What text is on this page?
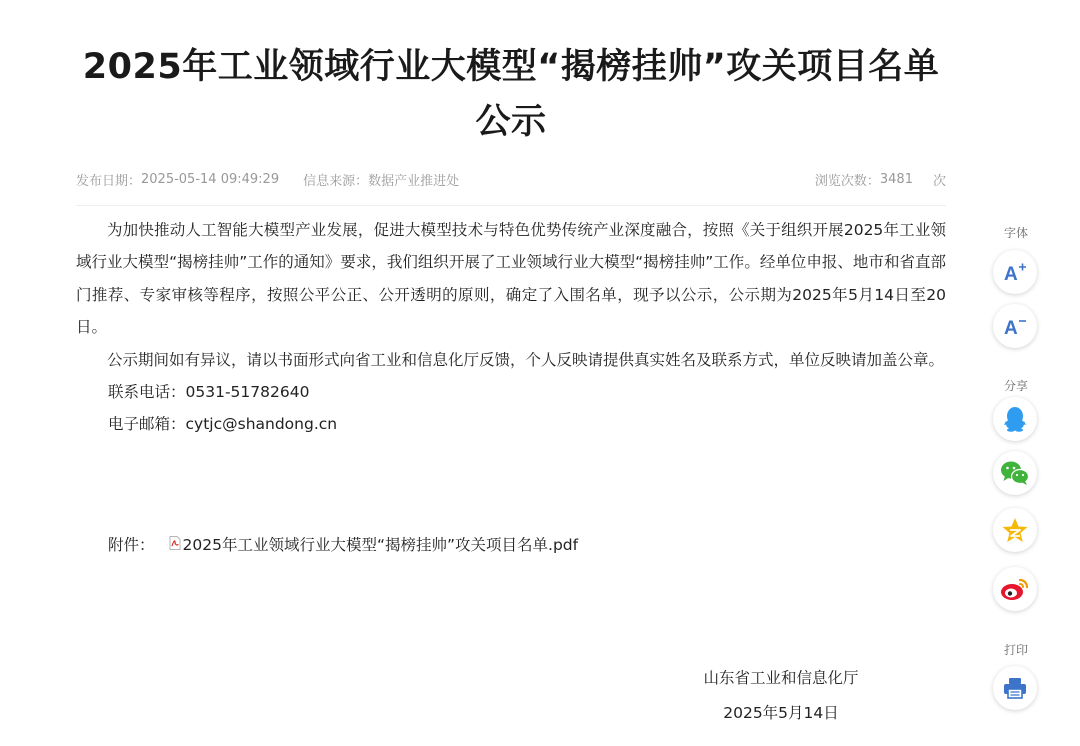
2025年工业领域行业大模型“揭榜挂帅”攻关项目名单公示
发布日期： 2025-05-14 09:49:29 信息来源： 数据产业推进处	浏览次数： 3481 次

为加快推动人工智能大模型产业发展，促进大模型技术与特色优势传统产业深度融合，按照《关于组织开展2025年工业领域行业大模型“揭榜挂帅”工作的通知》要求，我们组织开展了工业领域行业大模型“揭榜挂帅”工作。经单位申报、地市和省直部门推荐、专家审核等程序，按照公平公正、公开透明的原则，确定了入围名单，现予以公示，公示期为2025年5月14日至20日。

公示期间如有异议，请以书面形式向省工业和信息化厅反馈，个人反映请提供真实姓名及联系方式，单位反映请加盖公章。

联系电话：0531-51782640
电子邮箱：cytjc@shandong.cn
附件： 2025年工业领域行业大模型“揭榜挂帅”攻关项目名单.pdf
山东省工业和信息化厅
2025年5月14日
字体
A
A
分享
打印
